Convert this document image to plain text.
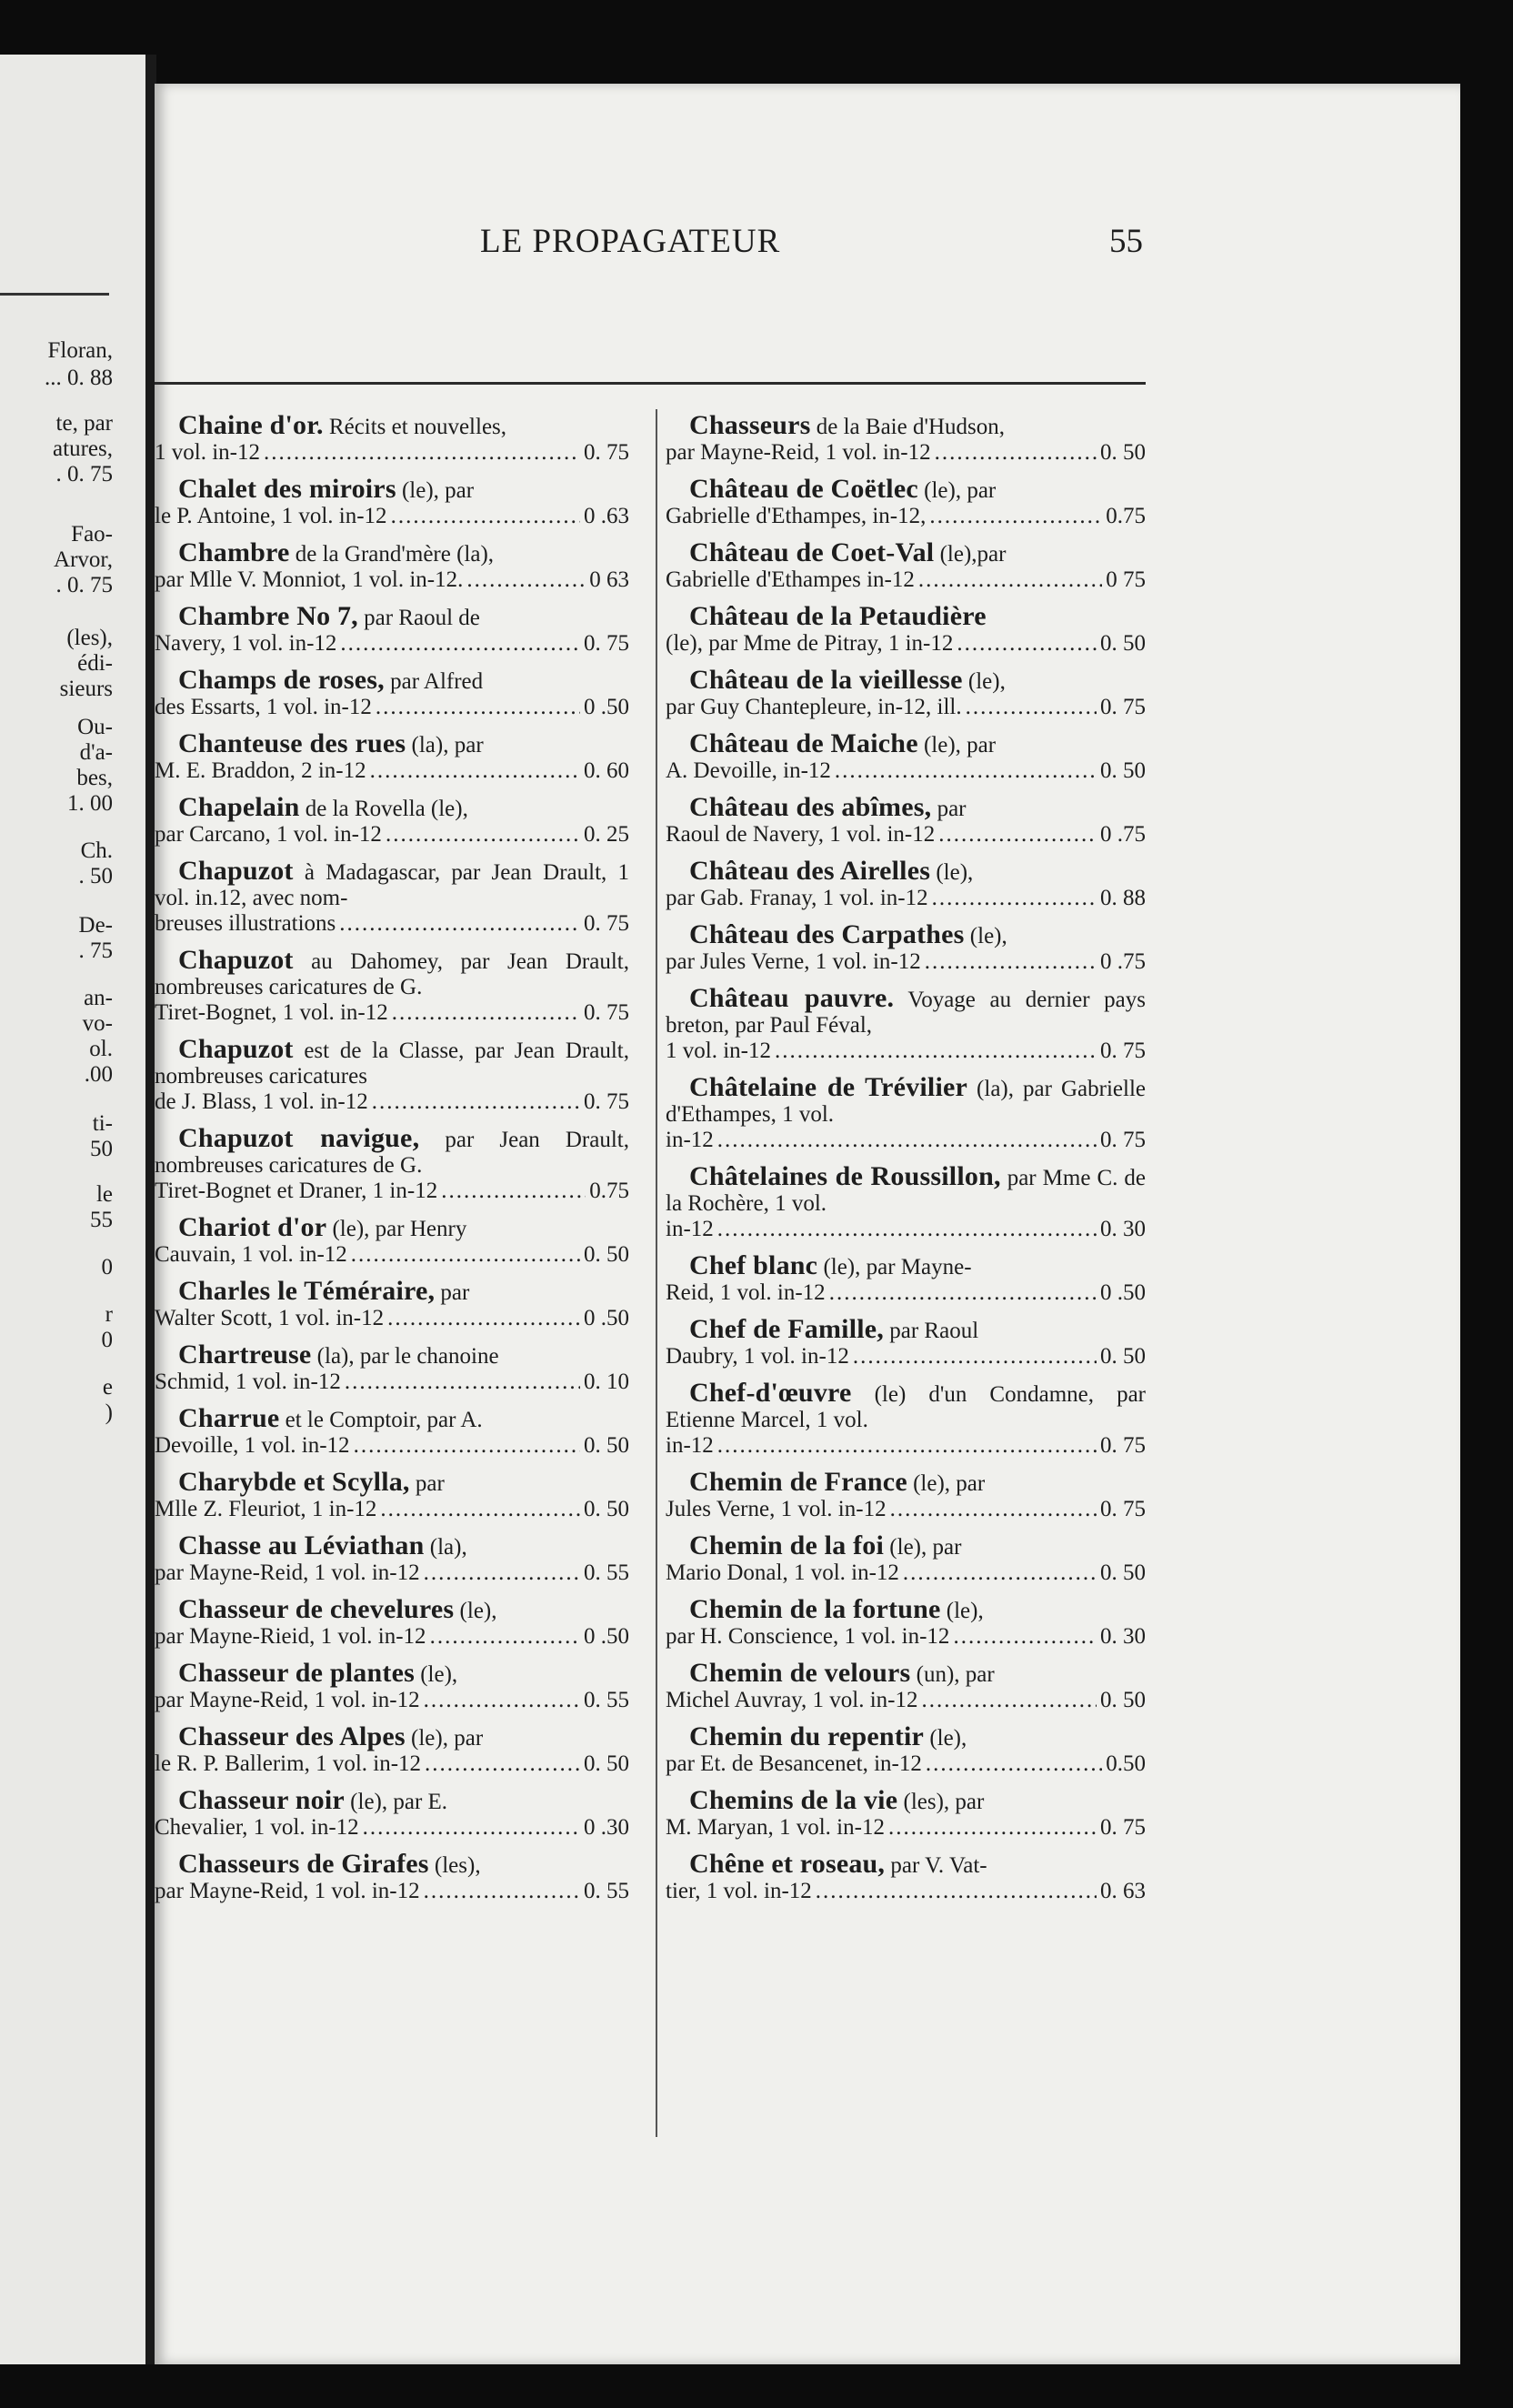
Floran,
... 0. 88
te, par
atures,
. 0. 75
Fao-
Arvor,
. 0. 75
(les),
édi-
sieurs
Ou-
d'a-
bes,
1. 00
Ch.
. 50
De-
. 75
an-
vo-
ol.
.00
ti-
50
le
55
0
r
0
e
)
LE PROPAGATEUR	55
Chaine d'or. Récits et nouvelles,
1 vol. in-12 .....	0. 75
Chalet des miroirs (le), par
le P. Antoine, 1 vol. in-12 .....	0 .63
Chambre de la Grand'mère (la),
par Mlle V. Monniot, 1 vol. in-12. .....	0 63
Chambre No 7, par Raoul de
Navery, 1 vol. in-12 .....	0. 75
Champs de roses, par Alfred
des Essarts, 1 vol. in-12 .....	0 .50
Chanteuse des rues (la), par
M. E. Braddon, 2 in-12 .....	0. 60
Chapelain de la Rovella (le),
par Carcano, 1 vol. in-12 .....	0. 25
Chapuzot à Madagascar, par Jean Drault, 1 vol. in.12, avec nom-
breuses illustrations .....	0. 75
Chapuzot au Dahomey, par Jean Drault, nombreuses caricatures de G.
Tiret-Bognet, 1 vol. in-12 .....	0. 75
Chapuzot est de la Classe, par Jean Drault, nombreuses caricatures
de J. Blass, 1 vol. in-12 .....	0. 75
Chapuzot navigue, par Jean Drault, nombreuses caricatures de G.
Tiret-Bognet et Draner, 1 in-12 .....	0.75
Chariot d'or (le), par Henry
Cauvain, 1 vol. in-12 .....	0. 50
Charles le Téméraire, par
Walter Scott, 1 vol. in-12 .....	0 .50
Chartreuse (la), par le chanoine
Schmid, 1 vol. in-12 .....	0. 10
Charrue et le Comptoir, par A.
Devoille, 1 vol. in-12 .....	0. 50
Charybde et Scylla, par
Mlle Z. Fleuriot, 1 in-12 .....	0. 50
Chasse au Léviathan (la),
par Mayne-Reid, 1 vol. in-12 .....	0. 55
Chasseur de chevelures (le),
par Mayne-Rieid, 1 vol. in-12 .....	0 .50
Chasseur de plantes (le),
par Mayne-Reid, 1 vol. in-12 .....	0. 55
Chasseur des Alpes (le), par
le R. P. Ballerim, 1 vol. in-12 .....	0. 50
Chasseur noir (le), par E.
Chevalier, 1 vol. in-12 .....	0 .30
Chasseurs de Girafes (les),
par Mayne-Reid, 1 vol. in-12 .....	0. 55
Chasseurs de la Baie d'Hudson,
par Mayne-Reid, 1 vol. in-12 .....	0. 50
Château de Coëtlec (le), par
Gabrielle d'Ethampes, in-12, .....	0.75
Château de Coet-Val (le),par
Gabrielle d'Ethampes in-12 .....	0 75
Château de la Petaudière
(le), par Mme de Pitray, 1 in-12 .....	0. 50
Château de la vieillesse (le),
par Guy Chantepleure, in-12, ill. .....	0. 75
Château de Maiche (le), par
A. Devoille, in-12 .....	0. 50
Château des abîmes, par
Raoul de Navery, 1 vol. in-12 .....	0 .75
Château des Airelles (le),
par Gab. Franay, 1 vol. in-12 .....	0. 88
Château des Carpathes (le),
par Jules Verne, 1 vol. in-12 .....	0 .75
Château pauvre. Voyage au dernier pays breton, par Paul Féval,
1 vol. in-12 .....	0. 75
Châtelaine de Trévilier (la), par Gabrielle d'Ethampes, 1 vol.
in-12 .....	0. 75
Châtelaines de Roussillon, par Mme C. de la Rochère, 1 vol.
in-12 .....	0. 30
Chef blanc (le), par Mayne-
Reid, 1 vol. in-12 .....	0 .50
Chef de Famille, par Raoul
Daubry, 1 vol. in-12 .....	0. 50
Chef-d'œuvre (le) d'un Condamne, par Etienne Marcel, 1 vol.
in-12 .....	0. 75
Chemin de France (le), par
Jules Verne, 1 vol. in-12 .....	0. 75
Chemin de la foi (le), par
Mario Donal, 1 vol. in-12 .....	0. 50
Chemin de la fortune (le),
par H. Conscience, 1 vol. in-12 .....	0. 30
Chemin de velours (un), par
Michel Auvray, 1 vol. in-12 .....	0. 50
Chemin du repentir (le),
par Et. de Besancenet, in-12 .....	0.50
Chemins de la vie (les), par
M. Maryan, 1 vol. in-12 .....	0. 75
Chêne et roseau, par V. Vat-
tier, 1 vol. in-12 .....	0. 63
